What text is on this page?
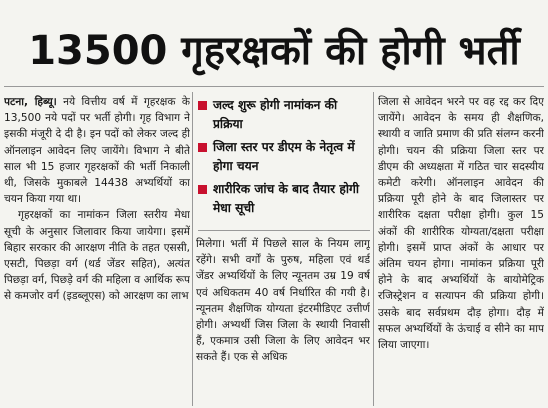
13500 गृहरक्षकों की होगी भर्ती

पटना, हिब्यू। नये वित्तीय वर्ष में गृहरक्षक के 13,500 नये पदों पर भर्ती होगी। गृह विभाग ने इसकी मंजूरी दे दी है। इन पदों को लेकर जल्द ही ऑनलाइन आवेदन लिए जायेंगे। विभाग ने बीते साल भी 15 हजार गृहरक्षकों की भर्ती निकाली थी, जिसके मुकाबले 14438 अभ्यर्थियों का चयन किया गया था।

गृहरक्षकों का नामांकन जिला स्तरीय मेधा सूची के अनुसार जिलावार किया जायेगा। इसमें बिहार सरकार की आरक्षण नीति के तहत एससी, एसटी, पिछड़ा वर्ग (थर्ड जेंडर सहित), अत्यंत पिछड़ा वर्ग, पिछड़े वर्ग की महिला व आर्थिक रूप से कमजोर वर्ग (इडब्लूएस) को आरक्षण का लाभ

जल्द शुरू होगी नामांकन की प्रक्रिया
जिला स्तर पर डीएम के नेतृत्व में होगा चयन
शारीरिक जांच के बाद तैयार होगी मेधा सूची

मिलेगा। भर्ती में पिछले साल के नियम लागू रहेंगे। सभी वर्गों के पुरुष, महिला एवं थर्ड जेंडर अभ्यर्थियों के लिए न्यूनतम उम्र 19 वर्ष एवं अधिकतम 40 वर्ष निर्धारित की गयी है। न्यूनतम शैक्षणिक योग्यता इंटरमीडिएट उत्तीर्ण होगी। अभ्यर्थी जिस जिला के स्थायी निवासी हैं, एकमात्र उसी जिला के लिए आवेदन भर सकते हैं। एक से अधिक

जिला से आवेदन भरने पर वह रद्द कर दिए जायेंगे। आवेदन के समय ही शैक्षणिक, स्थायी व जाति प्रमाण की प्रति संलग्न करनी होगी। चयन की प्रक्रिया जिला स्तर पर डीएम की अध्यक्षता में गठित चार सदस्यीय कमेटी करेगी। ऑनलाइन आवेदन की प्रक्रिया पूरी होने के बाद जिलास्तर पर शारीरिक दक्षता परीक्षा होगी। कुल 15 अंकों की शारीरिक योग्यता/दक्षता परीक्षा होगी। इसमें प्राप्त अंकों के आधार पर अंतिम चयन होगा। नामांकन प्रक्रिया पूरी होने के बाद अभ्यर्थियों के बायोमेट्रिक रजिस्ट्रेशन व सत्यापन की प्रक्रिया होगी। उसके बाद सर्वप्रथम दौड़ होगा। दौड़ में सफल अभ्यर्थियों के ऊंचाई व सीने का माप लिया जाएगा।
